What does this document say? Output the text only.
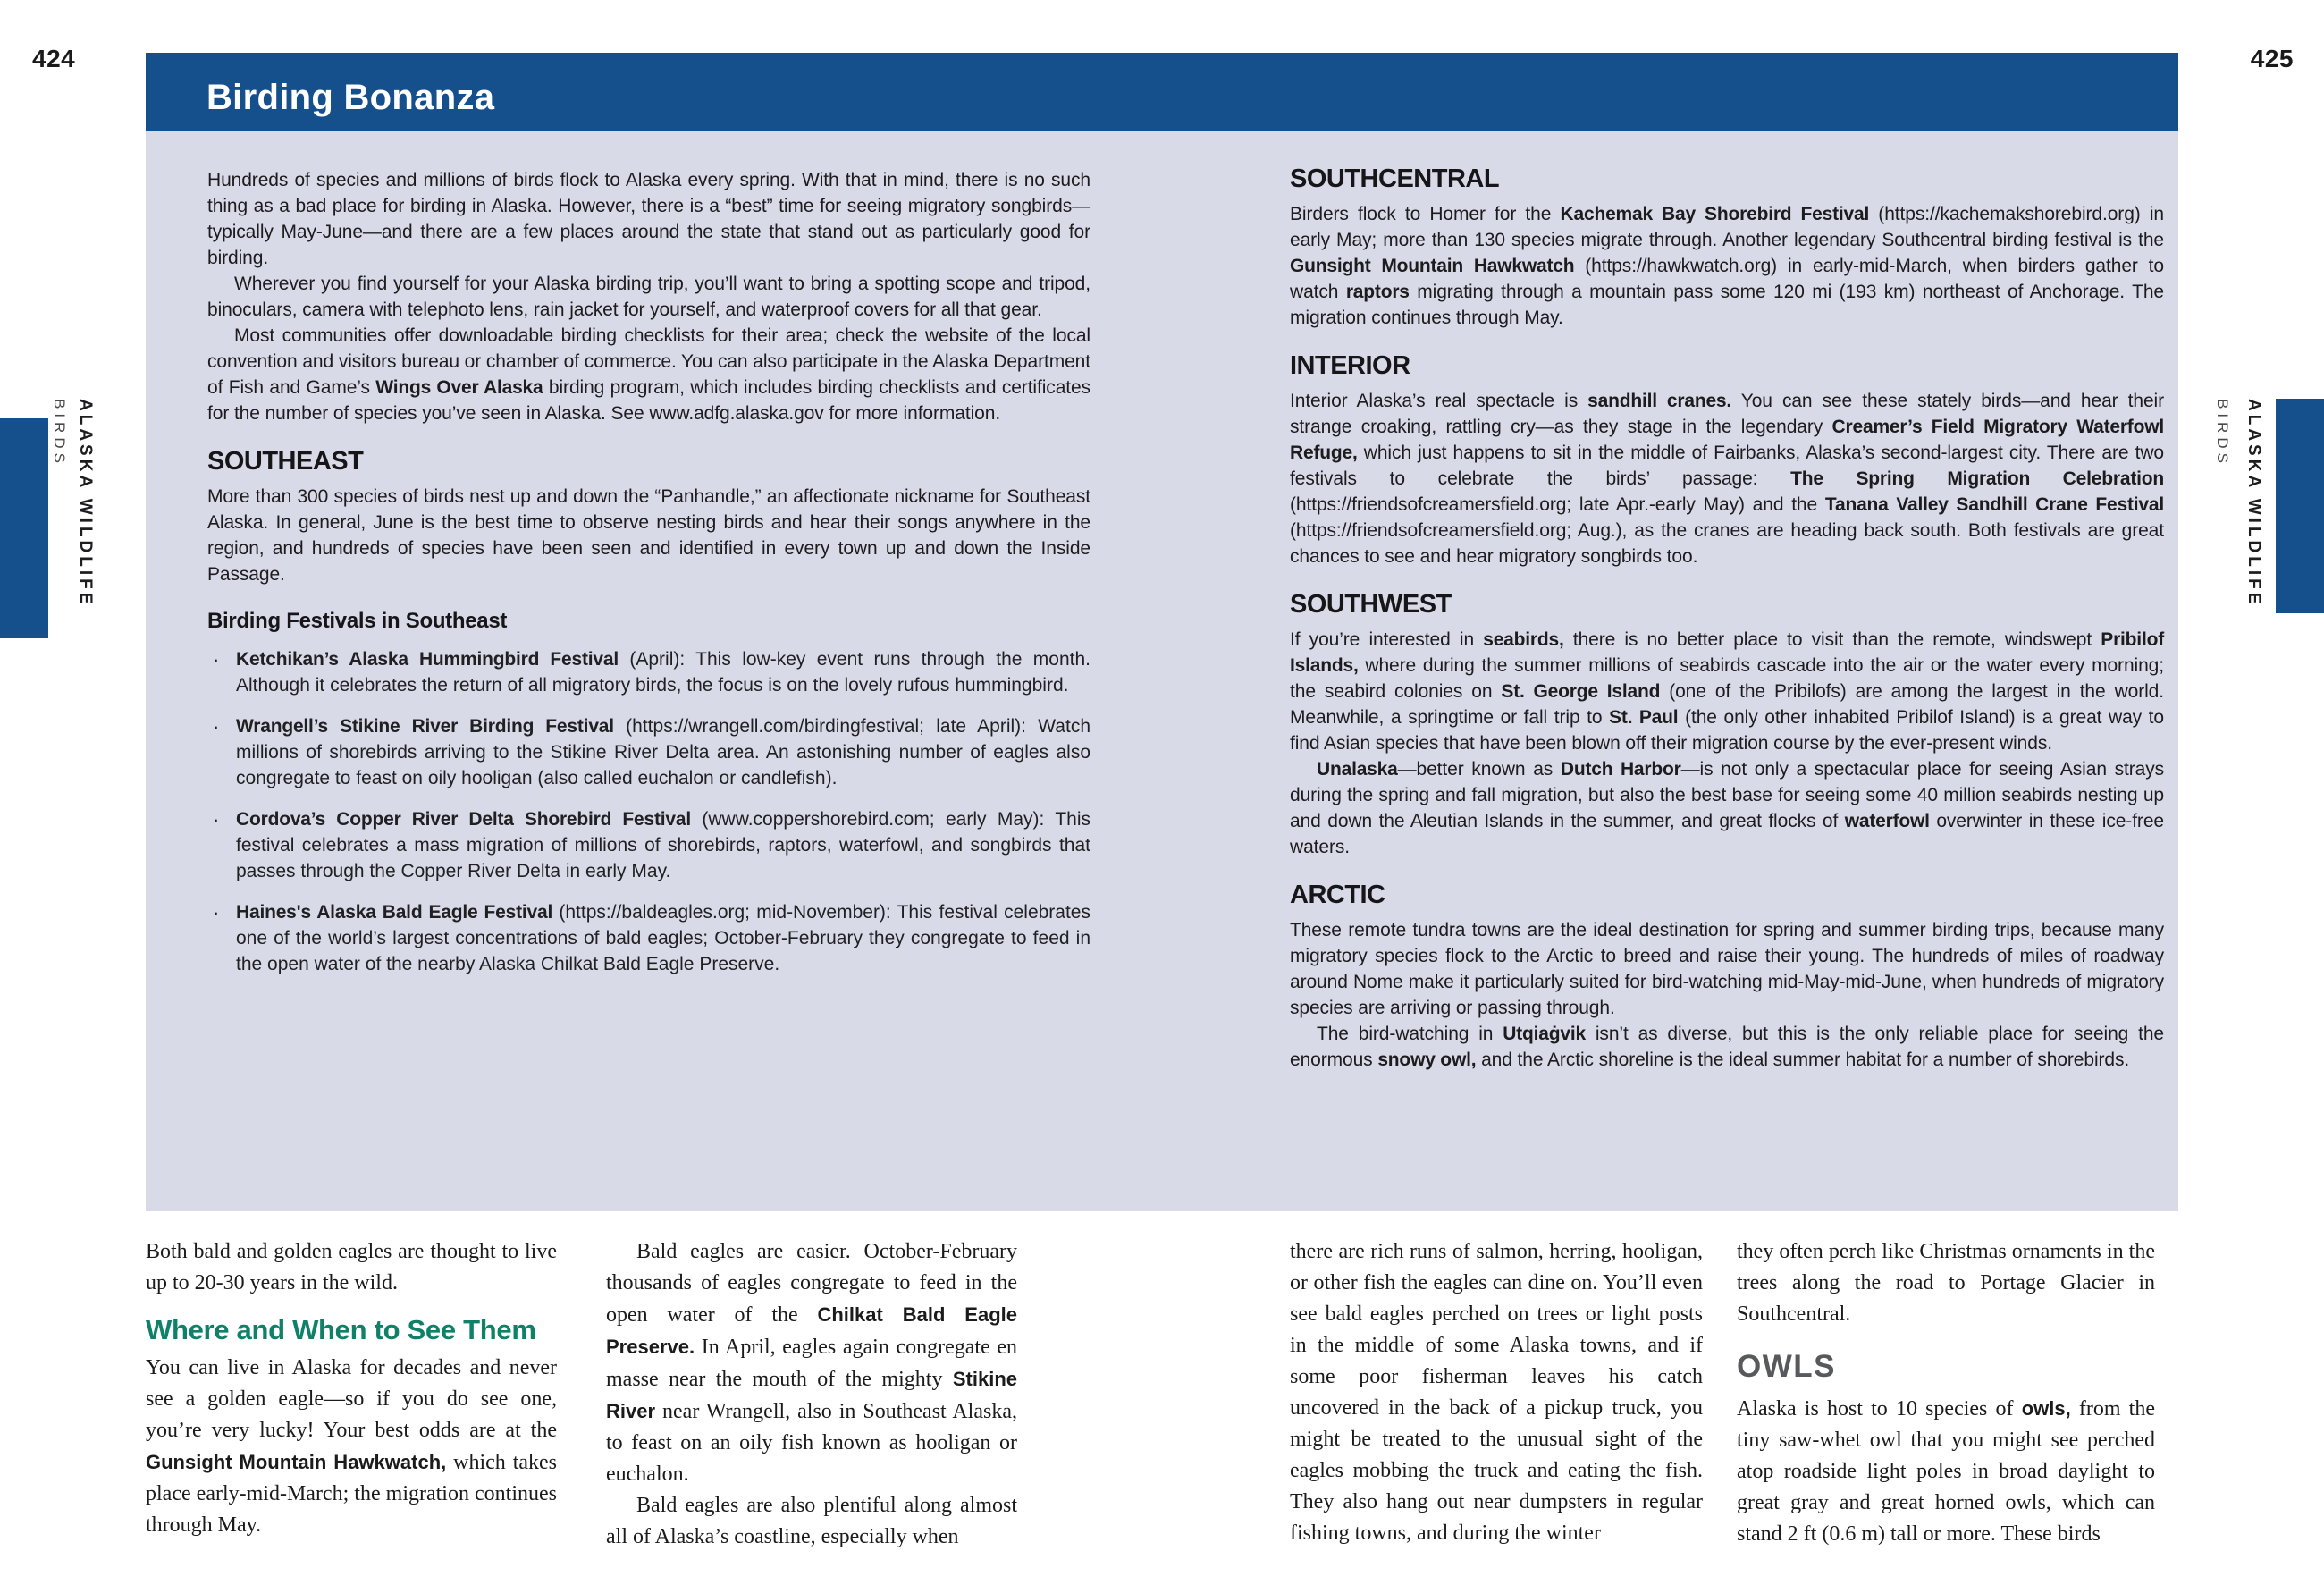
424	425
ALASKA WILDLIFE
BIRDS	ALASKA WILDLIFE
BIRDS
Birding Bonanza

Hundreds of species and millions of birds flock to Alaska every spring. With that in mind, there is no such thing as a bad place for birding in Alaska. However, there is a “best” time for seeing migratory songbirds—typically May-June—and there are a few places around the state that stand out as particularly good for birding.

Wherever you find yourself for your Alaska birding trip, you’ll want to bring a spotting scope and tripod, binoculars, camera with telephoto lens, rain jacket for yourself, and waterproof covers for all that gear.

Most communities offer downloadable birding checklists for their area; check the website of the local convention and visitors bureau or chamber of commerce. You can also participate in the Alaska Department of Fish and Game’s Wings Over Alaska birding program, which includes birding checklists and certificates for the number of species you’ve seen in Alaska. See www.adfg.alaska.gov for more information.

SOUTHEAST

More than 300 species of birds nest up and down the “Panhandle,” an affectionate nickname for Southeast Alaska. In general, June is the best time to observe nesting birds and hear their songs anywhere in the region, and hundreds of species have been seen and identified in every town up and down the Inside Passage.

Birding Festivals in Southeast
· Ketchikan’s Alaska Hummingbird Festival (April): This low-key event runs through the month. Although it celebrates the return of all migratory birds, the focus is on the lovely rufous hummingbird.
· Wrangell’s Stikine River Birding Festival (https://wrangell.com/birdingfestival; late April): Watch millions of shorebirds arriving to the Stikine River Delta area. An astonishing number of eagles also congregate to feast on oily hooligan (also called euchalon or candlefish).
· Cordova’s Copper River Delta Shorebird Festival (www.coppershorebird.com; early May): This festival celebrates a mass migration of millions of shorebirds, raptors, waterfowl, and songbirds that passes through the Copper River Delta in early May.
· Haines's Alaska Bald Eagle Festival (https://baldeagles.org; mid-November): This festival celebrates one of the world’s largest concentrations of bald eagles; October-February they congregate to feed in the open water of the nearby Alaska Chilkat Bald Eagle Preserve.
SOUTHCENTRAL

Birders flock to Homer for the Kachemak Bay Shorebird Festival (https://kachemakshorebird.org) in early May; more than 130 species migrate through. Another legendary Southcentral birding festival is the Gunsight Mountain Hawkwatch (https://hawkwatch.org) in early-mid-March, when birders gather to watch raptors migrating through a mountain pass some 120 mi (193 km) northeast of Anchorage. The migration continues through May.

INTERIOR

Interior Alaska’s real spectacle is sandhill cranes. You can see these stately birds—and hear their strange croaking, rattling cry—as they stage in the legendary Creamer’s Field Migratory Waterfowl Refuge, which just happens to sit in the middle of Fairbanks, Alaska’s second-largest city. There are two festivals to celebrate the birds’ passage: The Spring Migration Celebration (https://friendsofcreamersfield.org; late Apr.-early May) and the Tanana Valley Sandhill Crane Festival (https://friendsofcreamersfield.org; Aug.), as the cranes are heading back south. Both festivals are great chances to see and hear migratory songbirds too.

SOUTHWEST

If you’re interested in seabirds, there is no better place to visit than the remote, windswept Pribilof Islands, where during the summer millions of seabirds cascade into the air or the water every morning; the seabird colonies on St. George Island (one of the Pribilofs) are among the largest in the world. Meanwhile, a springtime or fall trip to St. Paul (the only other inhabited Pribilof Island) is a great way to find Asian species that have been blown off their migration course by the ever-present winds.

Unalaska—better known as Dutch Harbor—is not only a spectacular place for seeing Asian strays during the spring and fall migration, but also the best base for seeing some 40 million seabirds nesting up and down the Aleutian Islands in the summer, and great flocks of waterfowl overwinter in these ice-free waters.

ARCTIC

These remote tundra towns are the ideal destination for spring and summer birding trips, because many migratory species flock to the Arctic to breed and raise their young. The hundreds of miles of roadway around Nome make it particularly suited for bird-watching mid-May-mid-June, when hundreds of migratory species are arriving or passing through.

The bird-watching in Utqiaġvik isn’t as diverse, but this is the only reliable place for seeing the enormous snowy owl, and the Arctic shoreline is the ideal summer habitat for a number of shorebirds.

Both bald and golden eagles are thought to live up to 20-30 years in the wild.

Where and When to See Them

You can live in Alaska for decades and never see a golden eagle—so if you do see one, you’re very lucky! Your best odds are at the Gunsight Mountain Hawkwatch, which takes place early-mid-March; the migration continues through May.

Bald eagles are easier. October-February thousands of eagles congregate to feed in the open water of the Chilkat Bald Eagle Preserve. In April, eagles again congregate en masse near the mouth of the mighty Stikine River near Wrangell, also in Southeast Alaska, to feast on an oily fish known as hooligan or euchalon.

Bald eagles are also plentiful along almost all of Alaska’s coastline, especially when

there are rich runs of salmon, herring, hooligan, or other fish the eagles can dine on. You’ll even see bald eagles perched on trees or light posts in the middle of some Alaska towns, and if some poor fisherman leaves his catch uncovered in the back of a pickup truck, you might be treated to the unusual sight of the eagles mobbing the truck and eating the fish. They also hang out near dumpsters in regular fishing towns, and during the winter

they often perch like Christmas ornaments in the trees along the road to Portage Glacier in Southcentral.

OWLS

Alaska is host to 10 species of owls, from the tiny saw-whet owl that you might see perched atop roadside light poles in broad daylight to great gray and great horned owls, which can stand 2 ft (0.6 m) tall or more. These birds
